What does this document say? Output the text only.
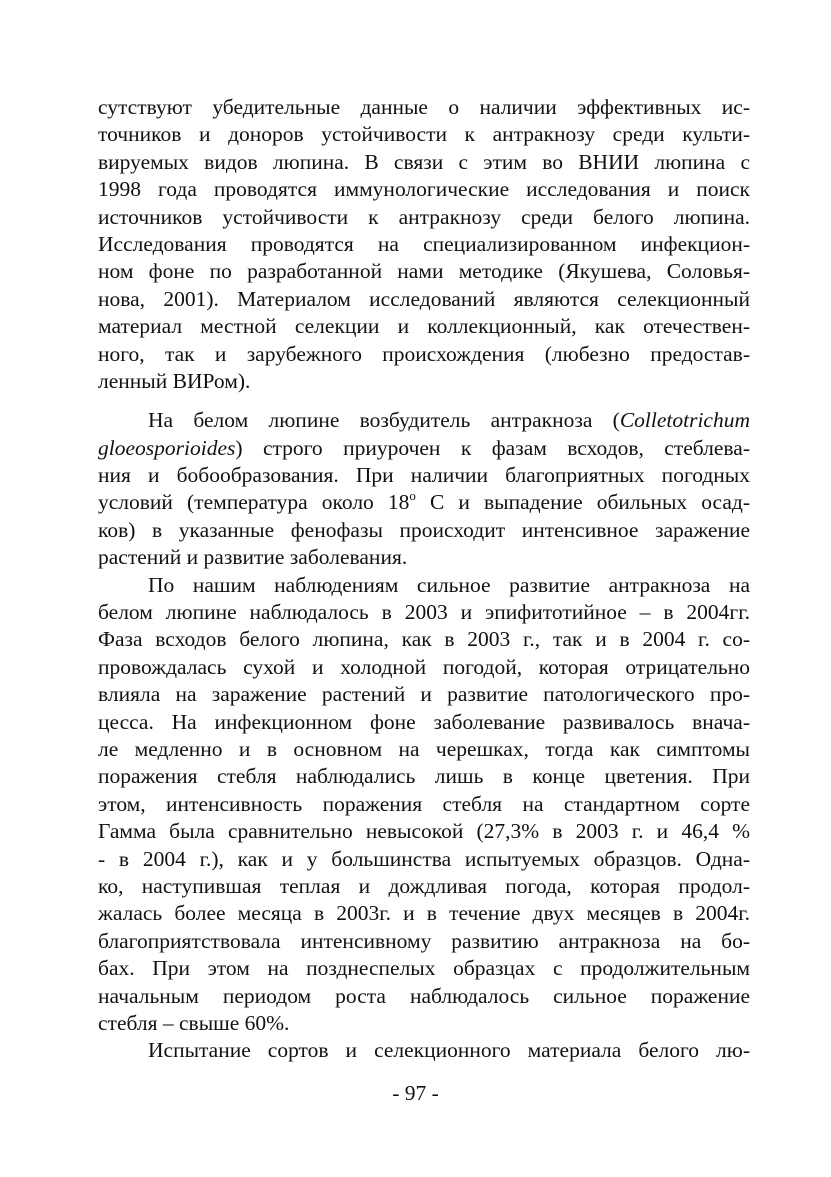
сутствуют убедительные данные о наличии эффективных ис-
точников и доноров устойчивости к антракнозу среди культи-
вируемых видов люпина. В связи с этим во ВНИИ люпина с
1998 года проводятся иммунологические исследования и поиск
источников устойчивости к антракнозу среди белого люпина.
Исследования проводятся на специализированном инфекцион-
ном фоне по разработанной нами методике (Якушева, Соловья-
нова, 2001). Материалом исследований являются селекционный
материал местной селекции и коллекционный, как отечествен-
ного, так и зарубежного происхождения (любезно предостав-
ленный ВИРом).
На белом люпине возбудитель антракноза (Colletotrichum
gloeosporioides) строго приурочен к фазам всходов, стеблева-
ния и бобообразования. При наличии благоприятных погодных
условий (температура около 18$^o$ С и выпадение обильных осад-
ков) в указанные фенофазы происходит интенсивное заражение
растений и развитие заболевания.
По нашим наблюдениям сильное развитие антракноза на
белом люпине наблюдалось в 2003 и эпифитотийное – в 2004гг.
Фаза всходов белого люпина, как в 2003 г., так и в 2004 г. со-
провождалась сухой и холодной погодой, которая отрицательно
влияла на заражение растений и развитие патологического про-
цесса. На инфекционном фоне заболевание развивалось внача-
ле медленно и в основном на черешках, тогда как симптомы
поражения стебля наблюдались лишь в конце цветения. При
этом, интенсивность поражения стебля на стандартном сорте
Гамма была сравнительно невысокой (27,3% в 2003 г. и 46,4 %
- в 2004 г.), как и у большинства испытуемых образцов. Одна-
ко, наступившая теплая и дождливая погода, которая продол-
жалась более месяца в 2003г. и в течение двух месяцев в 2004г.
благоприятствовала интенсивному развитию антракноза на бо-
бах. При этом на позднеспелых образцах с продолжительным
начальным периодом роста наблюдалось сильное поражение
стебля – свыше 60%.
Испытание сортов и селекционного материала белого лю-
- 97 -
